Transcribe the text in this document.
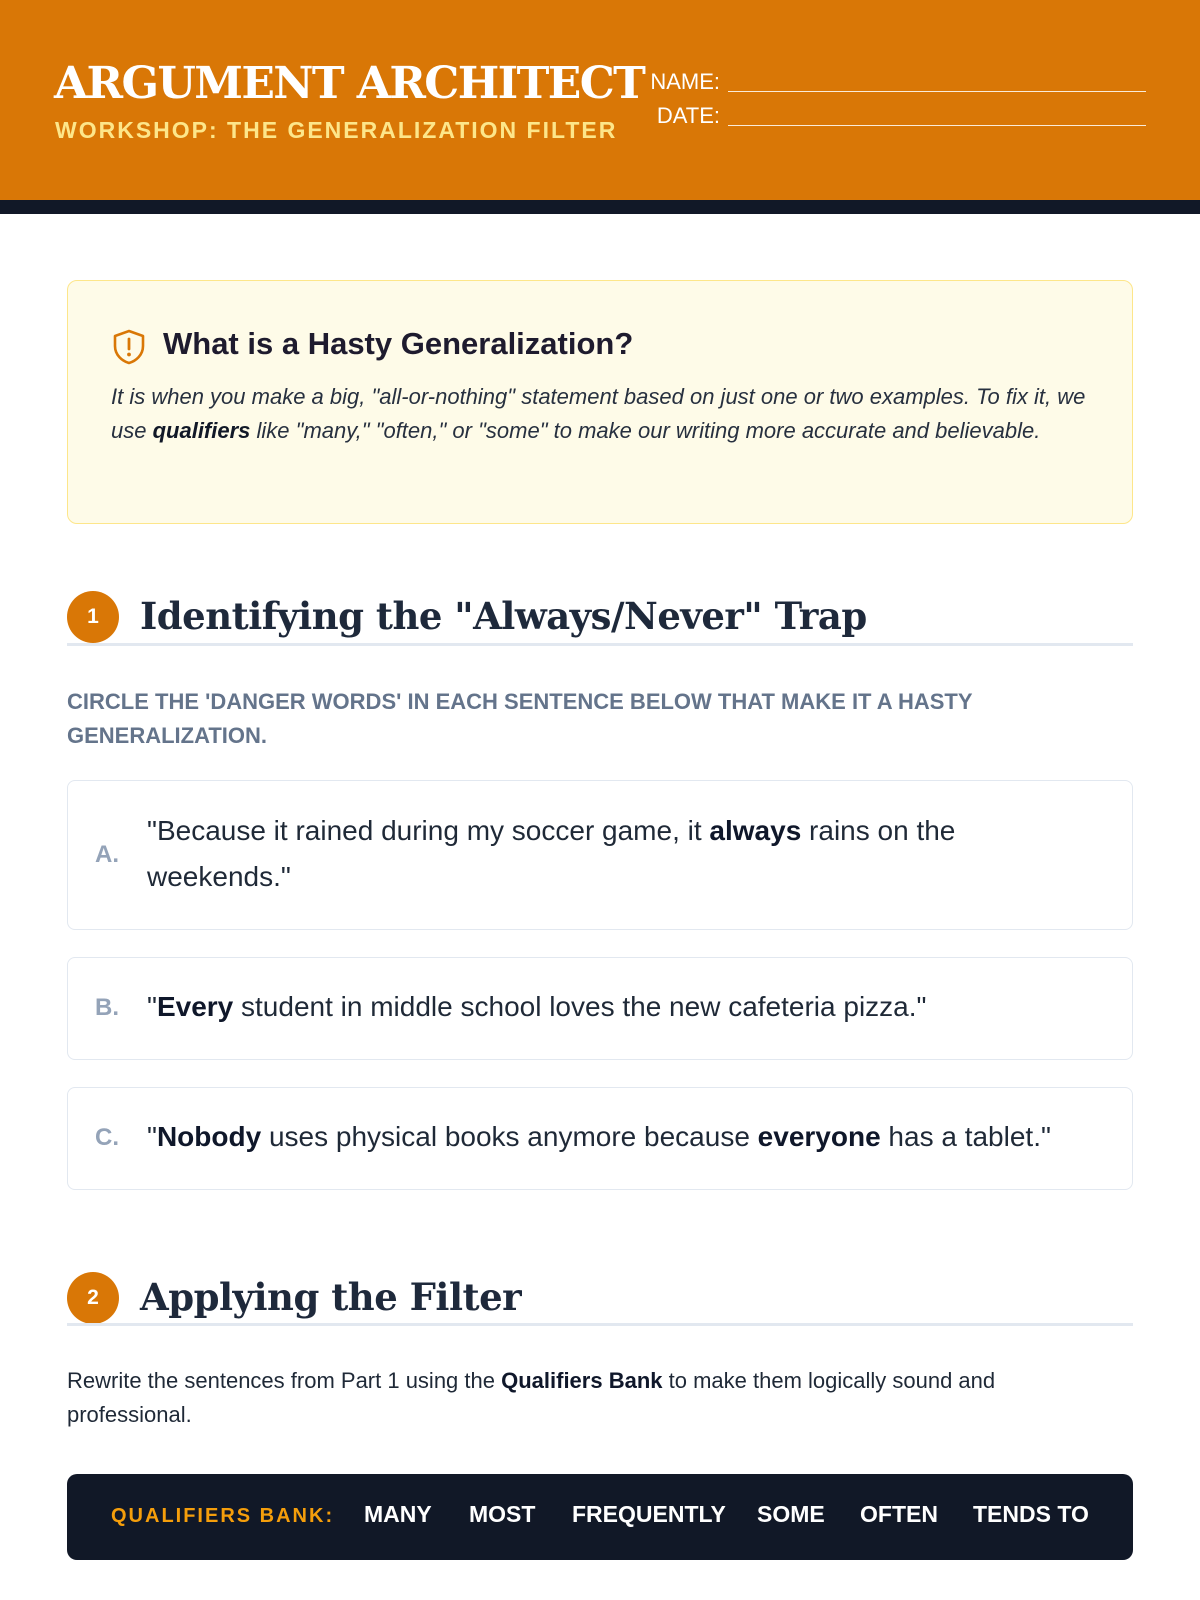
ARGUMENT ARCHITECT
WORKSHOP: THE GENERALIZATION FILTER
NAME:
DATE:
What is a Hasty Generalization?
It is when you make a big, "all-or-nothing" statement based on just one or two examples. To fix it, we use qualifiers like "many," "often," or "some" to make our writing more accurate and believable.
1	Identifying the "Always/Never" Trap
CIRCLE THE 'DANGER WORDS' IN EACH SENTENCE BELOW THAT MAKE IT A HASTY GENERALIZATION.
A.
"Because it rained during my soccer game, it always rains on the weekends."
B. "Every student in middle school loves the new cafeteria pizza."
C. "Nobody uses physical books anymore because everyone has a tablet."
2	Applying the Filter
Rewrite the sentences from Part 1 using the Qualifiers Bank to make them logically sound and professional.
QUALIFIERS BANK: MANY MOST FREQUENTLY SOME OFTEN TENDS TO
